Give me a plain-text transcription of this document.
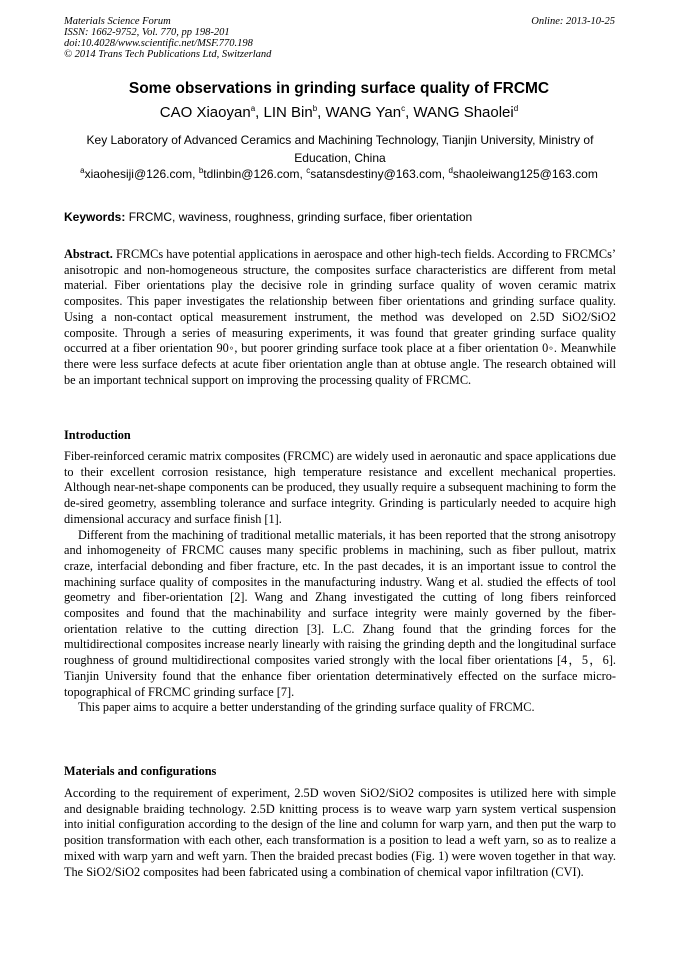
Materials Science Forum
ISSN: 1662-9752, Vol. 770, pp 198-201
doi:10.4028/www.scientific.net/MSF.770.198
© 2014 Trans Tech Publications Ltd, Switzerland
Online: 2013-10-25
Some observations in grinding surface quality of FRCMC
CAO Xiaoyan$^a$, LIN Bin$^b$, WANG Yan$^c$, WANG Shaolei$^d$
Key Laboratory of Advanced Ceramics and Machining Technology, Tianjin University, Ministry of Education, China
$^a$xiaohesiji@126.com, $^b$tdlinbin@126.com, $^c$satansdestiny@163.com, $^d$shaoleiwang125@163.com
Keywords: FRCMC, waviness, roughness, grinding surface, fiber orientation

Abstract. FRCMCs have potential applications in aerospace and other high-tech fields. According to FRCMCs’ anisotropic and non-homogeneous structure, the composites surface characteristics are different from metal material. Fiber orientations play the decisive role in grinding surface quality of woven ceramic matrix composites. This paper investigates the relationship between fiber orientations and grinding surface quality. Using a non-contact optical measurement instrument, the method was developed on 2.5D SiO2/SiO2 composite. Through a series of measuring experiments, it was found that greater grinding surface quality occurred at a fiber orientation 90◦, but poorer grinding surface took place at a fiber orientation 0◦. Meanwhile there were less surface defects at acute fiber orientation angle than at obtuse angle. The research obtained will be an important technical support on improving the processing quality of FRCMC.

Introduction

Fiber-reinforced ceramic matrix composites (FRCMC) are widely used in aeronautic and space applications due to their excellent corrosion resistance, high temperature resistance and excellent mechanical properties. Although near-net-shape components can be produced, they usually require a subsequent machining to form the de-sired geometry, assembling tolerance and surface integrity. Grinding is particularly needed to acquire high dimensional accuracy and surface finish [1].

Different from the machining of traditional metallic materials, it has been reported that the strong anisotropy and inhomogeneity of FRCMC causes many specific problems in machining, such as fiber pullout, matrix craze, interfacial debonding and fiber fracture, etc. In the past decades, it is an important issue to control the machining surface quality of composites in the manufacturing industry. Wang et al. studied the effects of tool geometry and fiber-orientation [2]. Wang and Zhang investigated the cutting of long fibers reinforced composites and found that the machinability and surface integrity were mainly governed by the fiber-orientation relative to the cutting direction [3]. L.C. Zhang found that the grinding forces for the multidirectional composites increase nearly linearly with raising the grinding depth and the longitudinal surface roughness of ground multidirectional composites varied strongly with the local fiber orientations [4，5，6]. Tianjin University found that the enhance fiber orientation determinatively effected on the surface micro-topographical of FRCMC grinding surface [7].

This paper aims to acquire a better understanding of the grinding surface quality of FRCMC.

Materials and configurations

According to the requirement of experiment, 2.5D woven SiO2/SiO2 composites is utilized here with simple and designable braiding technology. 2.5D knitting process is to weave warp yarn system vertical suspension into initial configuration according to the design of the line and column for warp yarn, and then put the warp to position transformation with each other, each transformation is a position to lead a weft yarn, so as to realize a mixed with warp yarn and weft yarn. Then the braided precast bodies (Fig. 1) were woven together in that way. The SiO2/SiO2 composites had been fabricated using a combination of chemical vapor infiltration (CVI).
